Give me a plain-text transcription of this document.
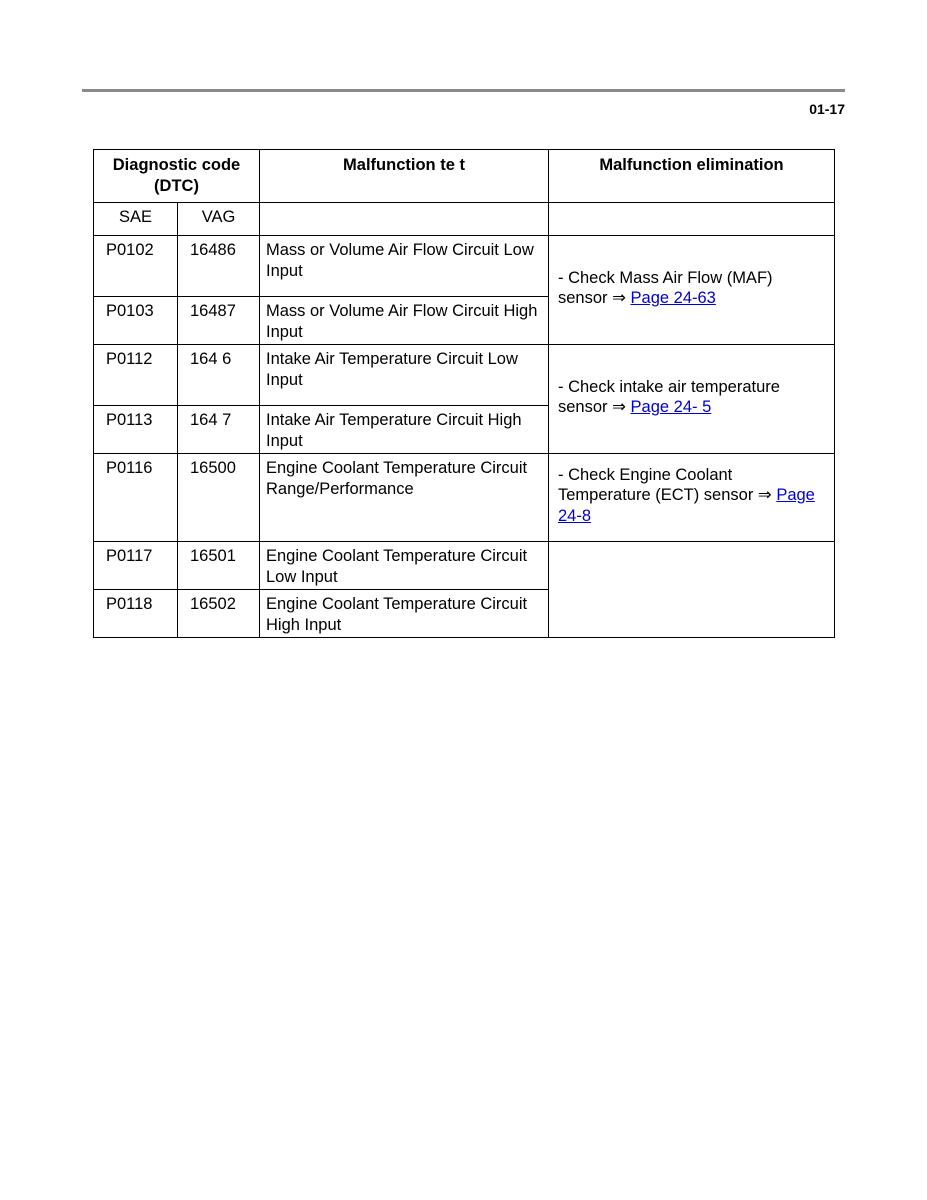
01-17
Diagnostic code (DTC)		Malfunction te t	Malfunction elimination
SAE	VAG		
P0102	16486	Mass or Volume Air Flow Circuit Low Input	- Check Mass Air Flow (MAF) sensor ⇒ Page 24-63
P0103	16487	Mass or Volume Air Flow Circuit High Input	
P0112	164 6	Intake Air Temperature Circuit Low Input	- Check intake air temperature sensor ⇒ Page 24- 5
P0113	164 7	Intake Air Temperature Circuit High Input	
P0116	16500	Engine Coolant Temperature Circuit Range/Performance	- Check Engine Coolant Temperature (ECT) sensor ⇒ Page 24-8
P0117	16501	Engine Coolant Temperature Circuit Low Input	
P0118	16502	Engine Coolant Temperature Circuit High Input	
